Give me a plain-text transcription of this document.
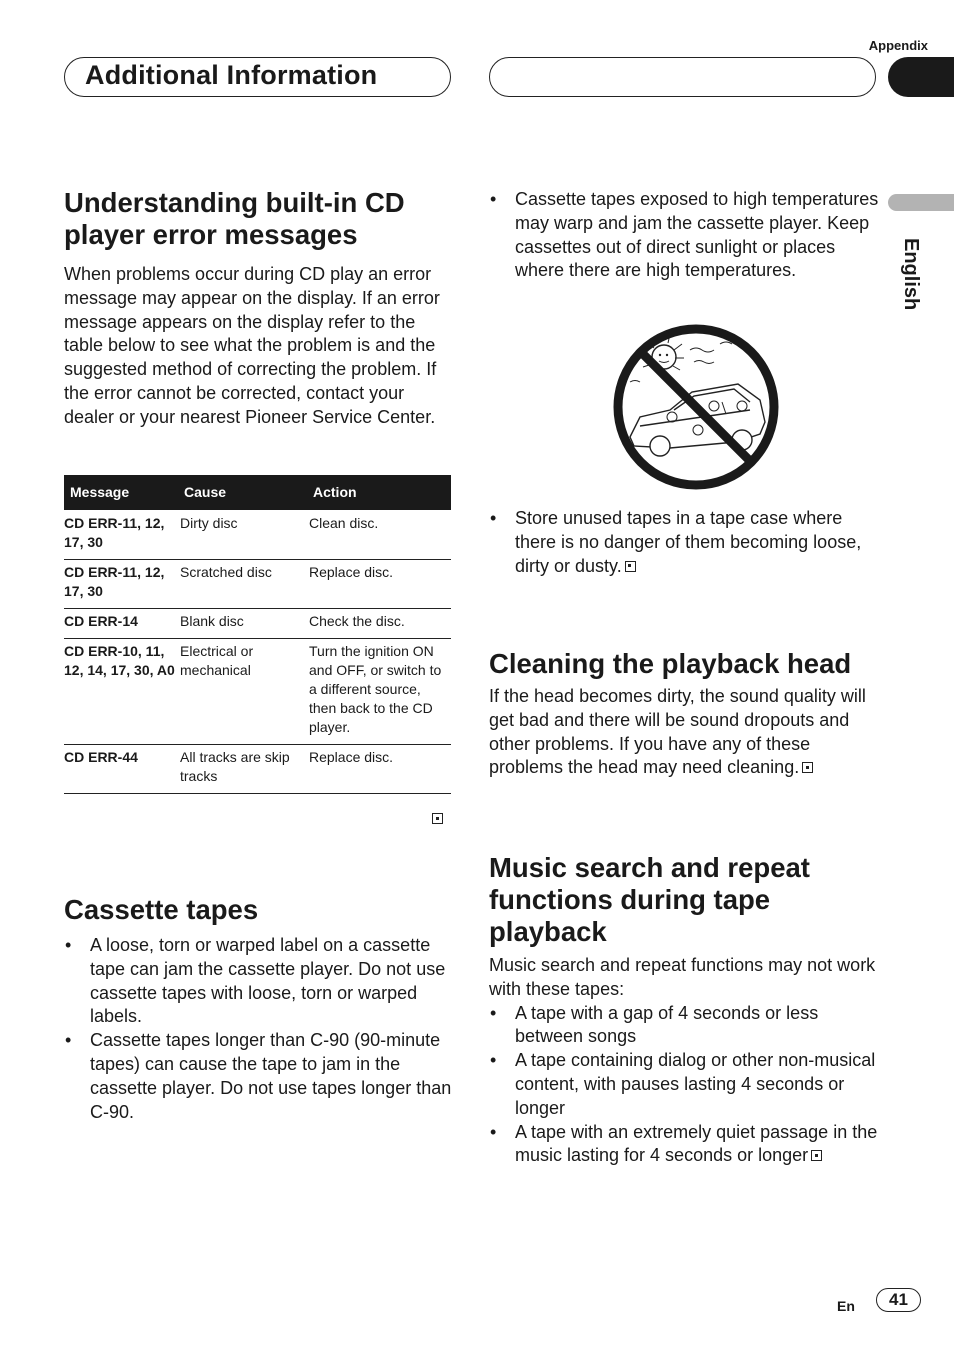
Appendix
Additional Information
English
Understanding built-in CD player error messages

When problems occur during CD play an error message may appear on the display. If an error message appears on the display refer to the table below to see what the problem is and the suggested method of correcting the problem. If the error cannot be corrected, contact your dealer or your nearest Pioneer Service Center.

Message	Cause	Action
CD ERR-11, 12, 17, 30	Dirty disc	Clean disc.
CD ERR-11, 12, 17, 30	Scratched disc	Replace disc.
CD ERR-14	Blank disc	Check the disc.
CD ERR-10, 11, 12, 14, 17, 30, A0	Electrical or mechanical	Turn the ignition ON and OFF, or switch to a different source, then back to the CD player.
CD ERR-44	All tracks are skip tracks	Replace disc.
Cassette tapes
• A loose, torn or warped label on a cassette tape can jam the cassette player. Do not use cassette tapes with loose, torn or warped labels.
• Cassette tapes longer than C-90 (90-minute tapes) can cause the tape to jam in the cassette player. Do not use tapes longer than C-90.
• Cassette tapes exposed to high temperatures may warp and jam the cassette player. Keep cassettes out of direct sunlight or places where there are high temperatures.
• Store unused tapes in a tape case where there is no danger of them becoming loose, dirty or dusty.
Cleaning the playback head

If the head becomes dirty, the sound quality will get bad and there will be sound dropouts and other problems. If you have any of these problems the head may need cleaning.

Music search and repeat functions during tape playback

Music search and repeat functions may not work with these tapes:

• A tape with a gap of 4 seconds or less between songs
• A tape containing dialog or other non-musical content, with pauses lasting 4 seconds or longer
• A tape with an extremely quiet passage in the music lasting for 4 seconds or longer
En	41
